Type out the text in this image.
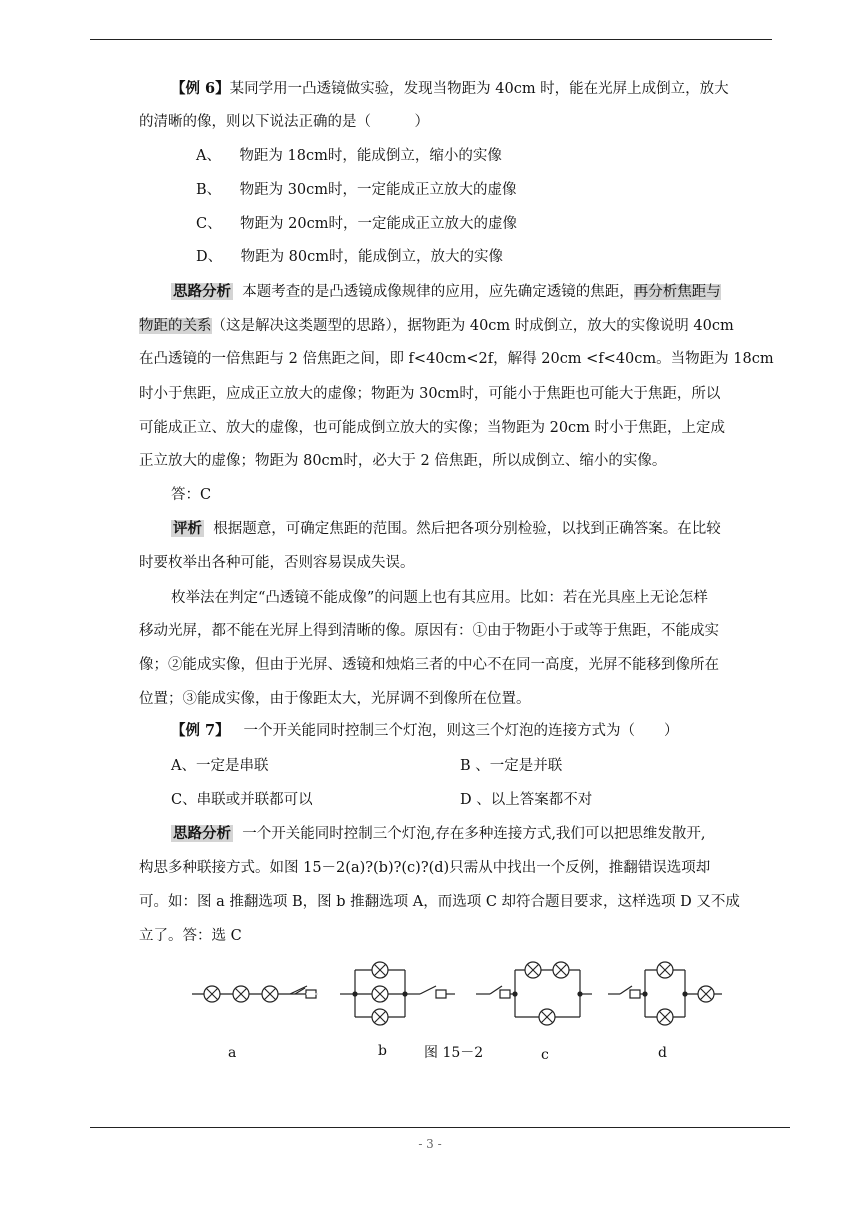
【例 6】某同学用一凸透镜做实验，发现当物距为 40cm 时，能在光屏上成倒立，放大
的清晰的像，则以下说法正确的是（　　　）
A、 物距为 18cm时，能成倒立，缩小的实像
B、 物距为 30cm时，一定能成正立放大的虚像
C、 物距为 20cm时，一定能成正立放大的虚像
D、 物距为 80cm时，能成倒立，放大的实像
思路分析 本题考查的是凸透镜成像规律的应用，应先确定透镜的焦距，再分析焦距与
物距的关系（这是解决这类题型的思路），据物距为 40cm 时成倒立，放大的实像说明 40cm
在凸透镜的一倍焦距与 2 倍焦距之间，即 f<40cm<2f，解得 20cm <f<40cm。当物距为 18cm
时小于焦距，应成正立放大的虚像；物距为 30cm时，可能小于焦距也可能大于焦距，所以
可能成正立、放大的虚像，也可能成倒立放大的实像；当物距为 20cm 时小于焦距，上定成
正立放大的虚像；物距为 80cm时，必大于 2 倍焦距，所以成倒立、缩小的实像。
答：C
评析 根据题意，可确定焦距的范围。然后把各项分别检验，以找到正确答案。在比较
时要枚举出各种可能，否则容易误成失误。
枚举法在判定“凸透镜不能成像”的问题上也有其应用。比如：若在光具座上无论怎样
移动光屏，都不能在光屏上得到清晰的像。原因有：①由于物距小于或等于焦距，不能成实
像；②能成实像，但由于光屏、透镜和烛焰三者的中心不在同一高度，光屏不能移到像所在
位置；③能成实像，由于像距太大，光屏调不到像所在位置。
【例 7】 一个开关能同时控制三个灯泡，则这三个灯泡的连接方式为（　　）
A、一定是串联	B 、一定是并联
C、串联或并联都可以	D 、以上答案都不对
思路分析 一个开关能同时控制三个灯泡,存在多种连接方式,我们可以把思维发散开,
构思多种联接方式。如图 15－2(a)?(b)?(c)?(d)只需从中找出一个反例，推翻错误选项却
可。如：图 a 推翻选项 B，图 b 推翻选项 A，而选项 C 却符合题目要求，这样选项 D 又不成
立了。答：选 C
a	b	图 15－2	c	d
- 3 -
